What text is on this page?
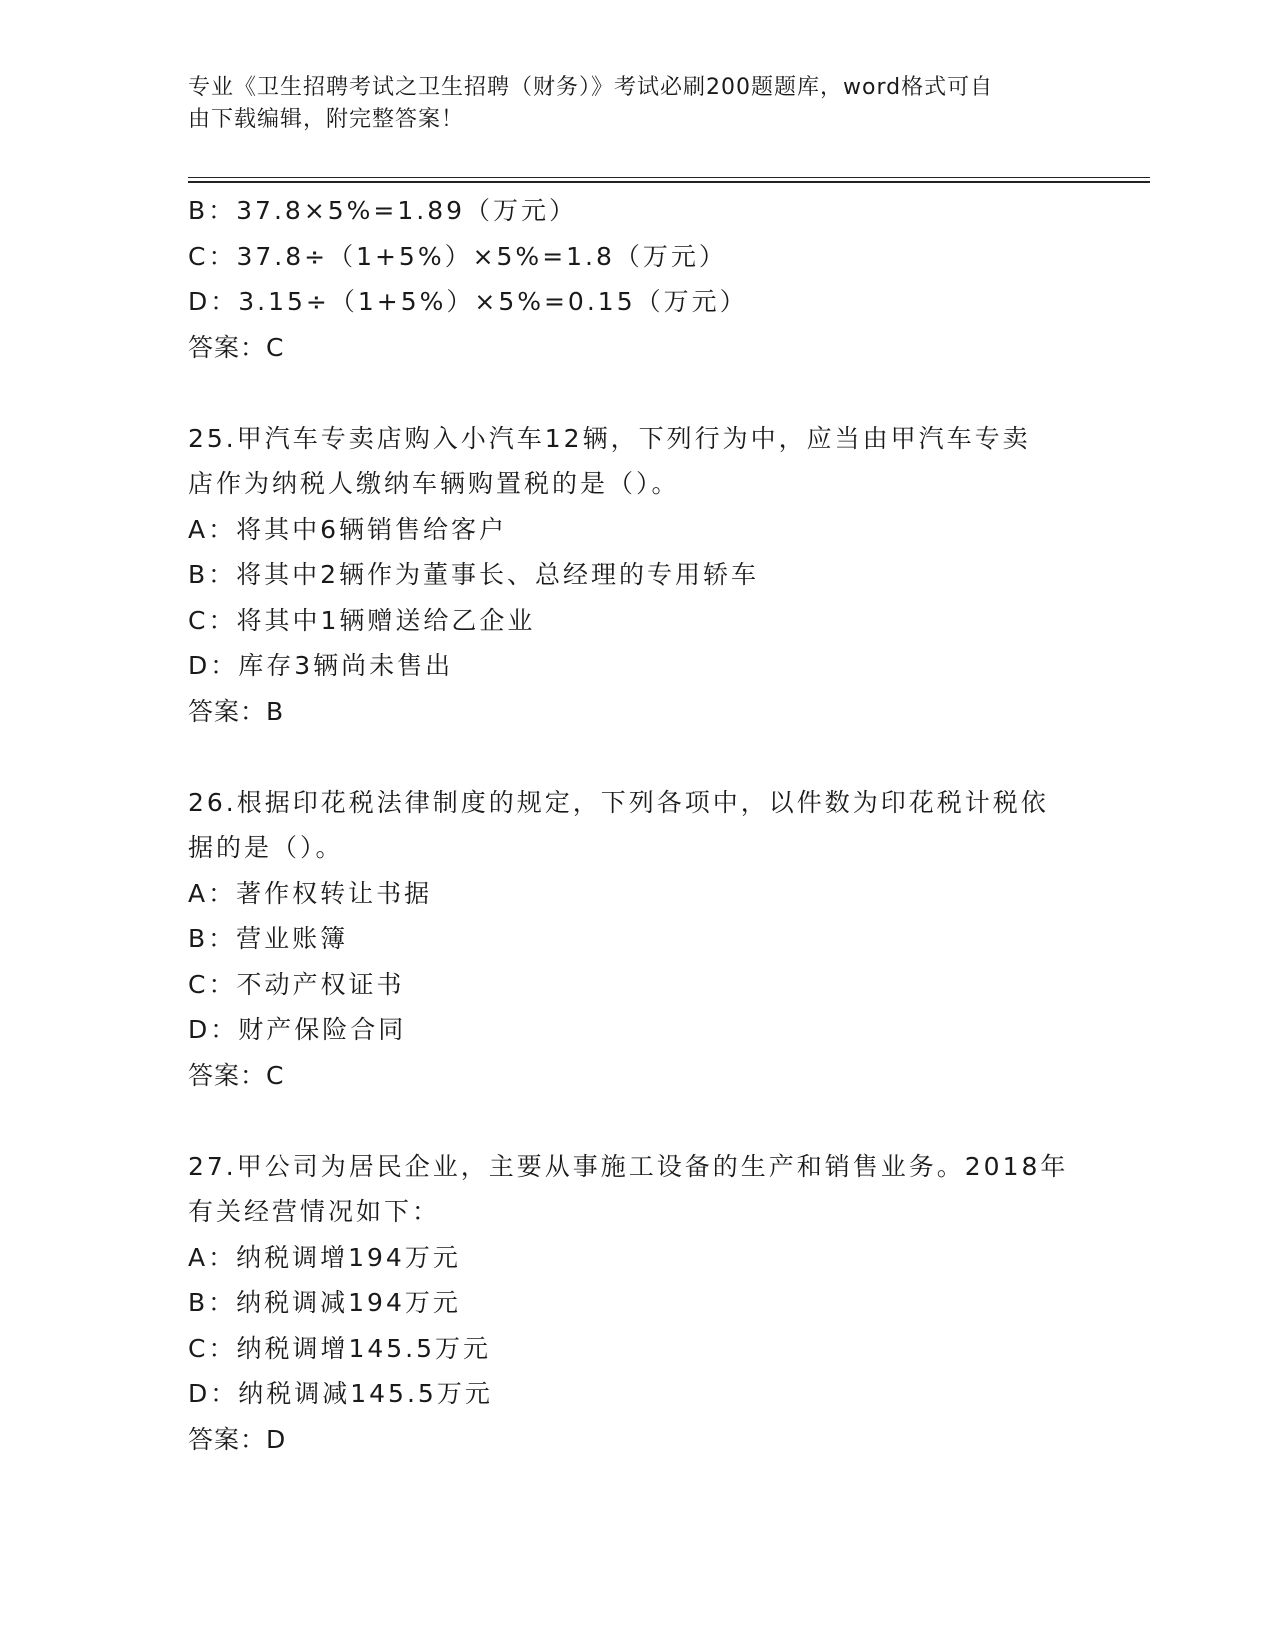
专业《卫生招聘考试之卫生招聘（财务）》考试必刷200题题库，word格式可自
由下载编辑，附完整答案！
B：37.8×5%=1.89（万元）
C：37.8÷（1+5%）×5%=1.8（万元）
D：3.15÷（1+5%）×5%=0.15（万元）
答案：C
25.甲汽车专卖店购入小汽车12辆，下列行为中，应当由甲汽车专卖
店作为纳税人缴纳车辆购置税的是（）。
A：将其中6辆销售给客户
B：将其中2辆作为董事长、总经理的专用轿车
C：将其中1辆赠送给乙企业
D：库存3辆尚未售出
答案：B
26.根据印花税法律制度的规定，下列各项中，以件数为印花税计税依
据的是（）。
A：著作权转让书据
B：营业账簿
C：不动产权证书
D：财产保险合同
答案：C
27.甲公司为居民企业，主要从事施工设备的生产和销售业务。2018年
有关经营情况如下：
A：纳税调增194万元
B：纳税调减194万元
C：纳税调增145.5万元
D：纳税调减145.5万元
答案：D
